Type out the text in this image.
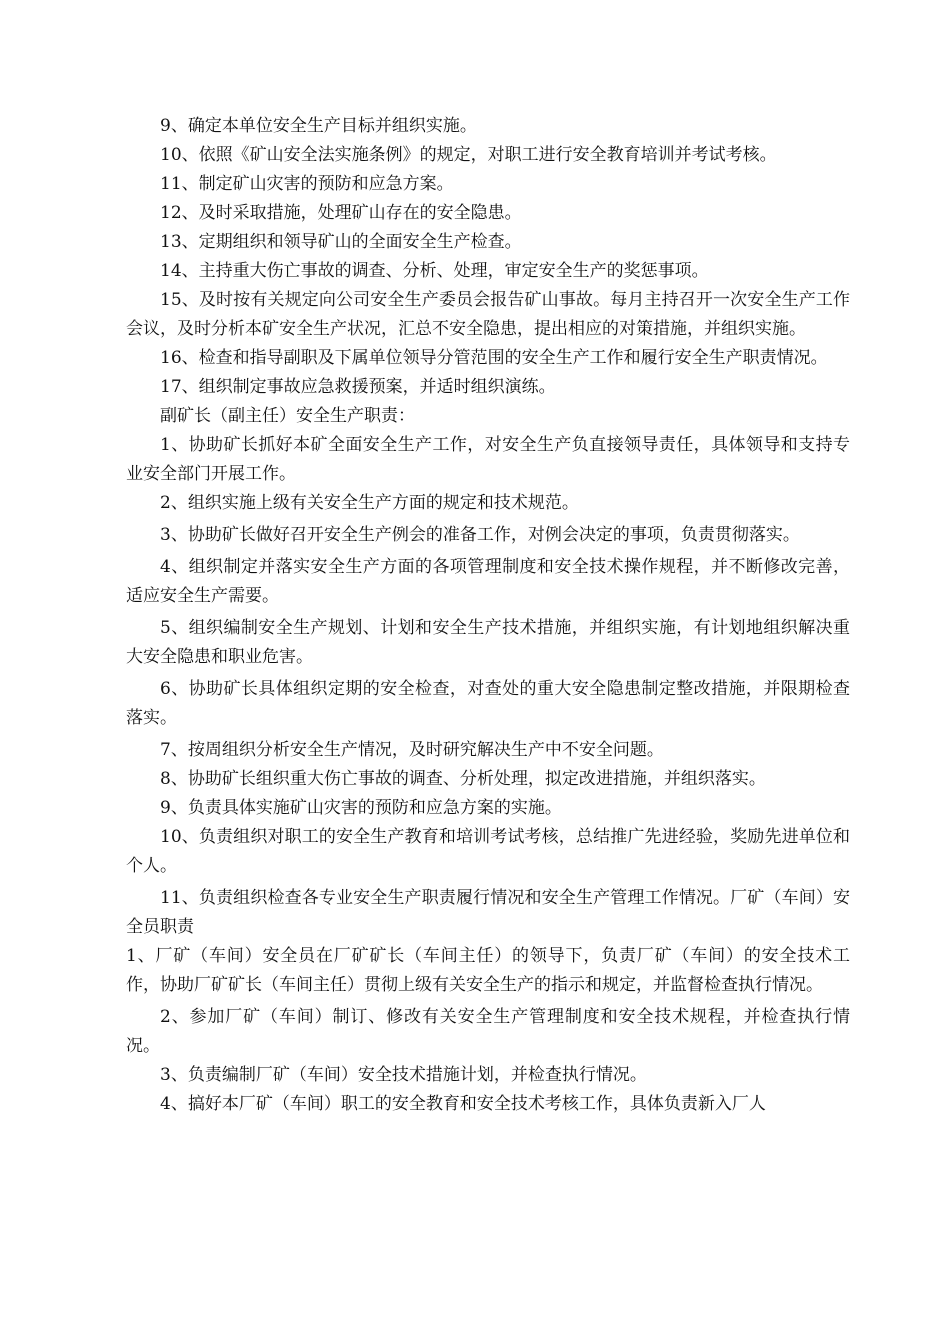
9、确定本单位安全生产目标并组织实施。

10、依照《矿山安全法实施条例》的规定，对职工进行安全教育培训并考试考核。

11、制定矿山灾害的预防和应急方案。

12、及时采取措施，处理矿山存在的安全隐患。

13、定期组织和领导矿山的全面安全生产检查。

14、主持重大伤亡事故的调查、分析、处理，审定安全生产的奖惩事项。

15、及时按有关规定向公司安全生产委员会报告矿山事故。每月主持召开一次安全生产工作会议，及时分析本矿安全生产状况，汇总不安全隐患，提出相应的对策措施，并组织实施。

16、检查和指导副职及下属单位领导分管范围的安全生产工作和履行安全生产职责情况。

17、组织制定事故应急救援预案，并适时组织演练。

副矿长（副主任）安全生产职责：

1、协助矿长抓好本矿全面安全生产工作，对安全生产负直接领导责任，具体领导和支持专业安全部门开展工作。

2、组织实施上级有关安全生产方面的规定和技术规范。

3、协助矿长做好召开安全生产例会的准备工作，对例会决定的事项，负责贯彻落实。

4、组织制定并落实安全生产方面的各项管理制度和安全技术操作规程，并不断修改完善，适应安全生产需要。

5、组织编制安全生产规划、计划和安全生产技术措施，并组织实施，有计划地组织解决重大安全隐患和职业危害。

6、协助矿长具体组织定期的安全检查，对查处的重大安全隐患制定整改措施，并限期检查落实。

7、按周组织分析安全生产情况，及时研究解决生产中不安全问题。

8、协助矿长组织重大伤亡事故的调查、分析处理，拟定改进措施，并组织落实。

9、负责具体实施矿山灾害的预防和应急方案的实施。

10、负责组织对职工的安全生产教育和培训考试考核，总结推广先进经验，奖励先进单位和个人。

11、负责组织检查各专业安全生产职责履行情况和安全生产管理工作情况。厂矿（车间）安全员职责

1、厂矿（车间）安全员在厂矿矿长（车间主任）的领导下，负责厂矿（车间）的安全技术工作，协助厂矿矿长（车间主任）贯彻上级有关安全生产的指示和规定，并监督检查执行情况。

2、参加厂矿（车间）制订、修改有关安全生产管理制度和安全技术规程，并检查执行情况。

3、负责编制厂矿（车间）安全技术措施计划，并检查执行情况。

4、搞好本厂矿（车间）职工的安全教育和安全技术考核工作，具体负责新入厂人
